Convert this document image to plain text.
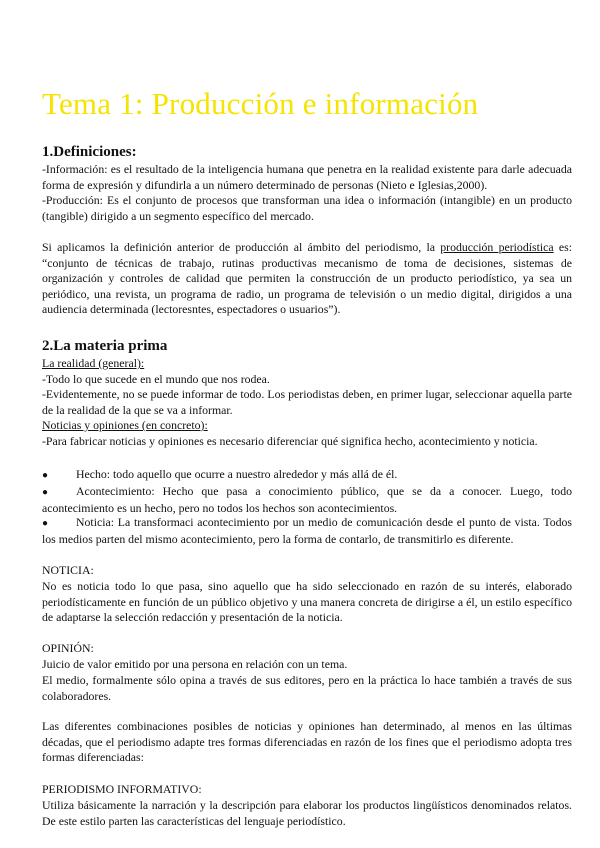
Tema 1: Producción e información
1.Definiciones:

-Información: es el resultado de la inteligencia humana que penetra en la realidad existente para darle adecuada forma de expresión y difundirla a un número determinado de personas (Nieto e Iglesias,2000).

-Producción: Es el conjunto de procesos que transforman una idea o información (intangible) en un producto (tangible) dirigido a un segmento específico del mercado.

Si aplicamos la definición anterior de producción al ámbito del periodismo, la producción periodística es: “conjunto de técnicas de trabajo, rutinas productivas mecanismo de toma de decisiones, sistemas de organización y controles de calidad que permiten la construcción de un producto periodístico, ya sea un periódico, una revista, un programa de radio, un programa de televisión o un medio digital, dirigidos a una audiencia determinada (lectoresntes, espectadores o usuarios”).

2.La materia prima

La realidad (general):

-Todo lo que sucede en el mundo que nos rodea.

-Evidentemente, no se puede informar de todo. Los periodistas deben, en primer lugar, seleccionar aquella parte de la realidad de la que se va a informar.

Noticias y opiniones (en concreto):

-Para fabricar noticias y opiniones es necesario diferenciar qué significa hecho, acontecimiento y noticia.

● Hecho: todo aquello que ocurre a nuestro alrededor y más allá de él.

● Acontecimiento: Hecho que pasa a conocimiento público, que se da a conocer. Luego, todo acontecimiento es un hecho, pero no todos los hechos son acontecimientos.

● Noticia: La transformaci acontecimiento por un medio de comunicación desde el punto de vista. Todos los medios parten del mismo acontecimiento, pero la forma de contarlo, de transmitirlo es diferente.

NOTICIA:

No es noticia todo lo que pasa, sino aquello que ha sido seleccionado en razón de su interés, elaborado periodísticamente en función de un público objetivo y una manera concreta de dirigirse a él, un estilo específico de adaptarse la selección redacción y presentación de la noticia.

OPINIÓN:

Juicio de valor emitido por una persona en relación con un tema.

El medio, formalmente sólo opina a través de sus editores, pero en la práctica lo hace también a través de sus colaboradores.

Las diferentes combinaciones posibles de noticias y opiniones han determinado, al menos en las últimas décadas, que el periodismo adapte tres formas diferenciadas en razón de los fines que el periodismo adopta tres formas diferenciadas:

PERIODISMO INFORMATIVO:

Utiliza básicamente la narración y la descripción para elaborar los productos lingüísticos denominados relatos. De este estilo parten las características del lenguaje periodístico.
